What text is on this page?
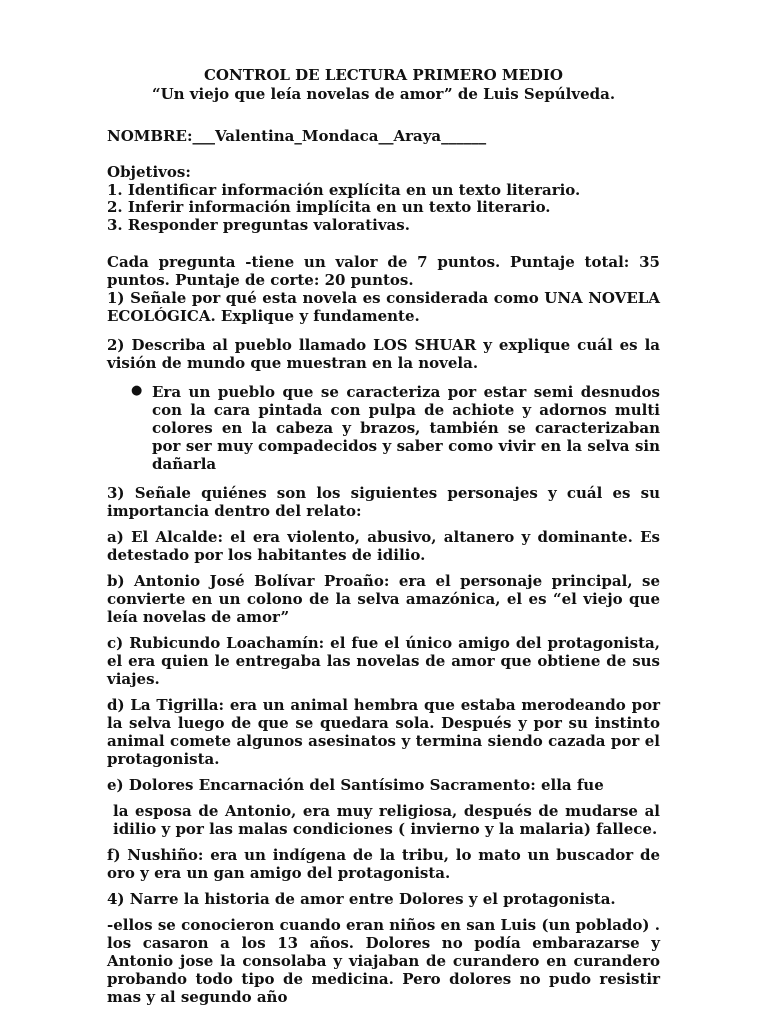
CONTROL DE LECTURA PRIMERO MEDIO
“Un viejo que leía novelas de amor” de Luis Sepúlveda.

NOMBRE:___Valentina_Mondaca__Araya______

Objetivos:

1. Identificar información explícita en un texto literario.

2. Inferir información implícita en un texto literario.

3. Responder preguntas valorativas.

Cada pregunta -tiene un valor de 7 puntos. Puntaje total: 35 puntos. Puntaje de corte: 20 puntos.

1) Señale por qué esta novela es considerada como UNA NOVELA ECOLÓGICA. Explique y fundamente.

2) Describa al pueblo llamado LOS SHUAR y explique cuál es la visión de mundo que muestran en la novela.

● Era un pueblo que se caracteriza por estar semi desnudos con la cara pintada con pulpa de achiote y adornos multi colores en la cabeza y brazos, también se caracterizaban por ser muy compadecidos y saber como vivir en la selva sin dañarla

3) Señale quiénes son los siguientes personajes y cuál es su importancia dentro del relato:

a) El Alcalde: el era violento, abusivo, altanero y dominante. Es detestado por los habitantes de idilio.

b) Antonio José Bolívar Proaño: era el personaje principal, se convierte en un colono de la selva amazónica, el es “el viejo que leía novelas de amor”

c) Rubicundo Loachamín: el fue el único amigo del protagonista, el era quien le entregaba las novelas de amor que obtiene de sus viajes.

d) La Tigrilla: era un animal hembra que estaba merodeando por la selva luego de que se quedara sola. Después y por su instinto animal comete algunos asesinatos y termina siendo cazada por el protagonista.

e) Dolores Encarnación del Santísimo Sacramento: ella fue

la esposa de Antonio, era muy religiosa, después de mudarse al idilio y por las malas condiciones ( invierno y la malaria) fallece.

f) Nushiño: era un indígena de la tribu, lo mato un buscador de oro y era un gan amigo del protagonista.

4) Narre la historia de amor entre Dolores y el protagonista.

-ellos se conocieron cuando eran niños en san Luis (un poblado) . los casaron a los 13 años. Dolores no podía embarazarse y Antonio jose la consolaba y viajaban de curandero en curandero probando todo tipo de medicina. Pero dolores no pudo resistir mas y al segundo año
